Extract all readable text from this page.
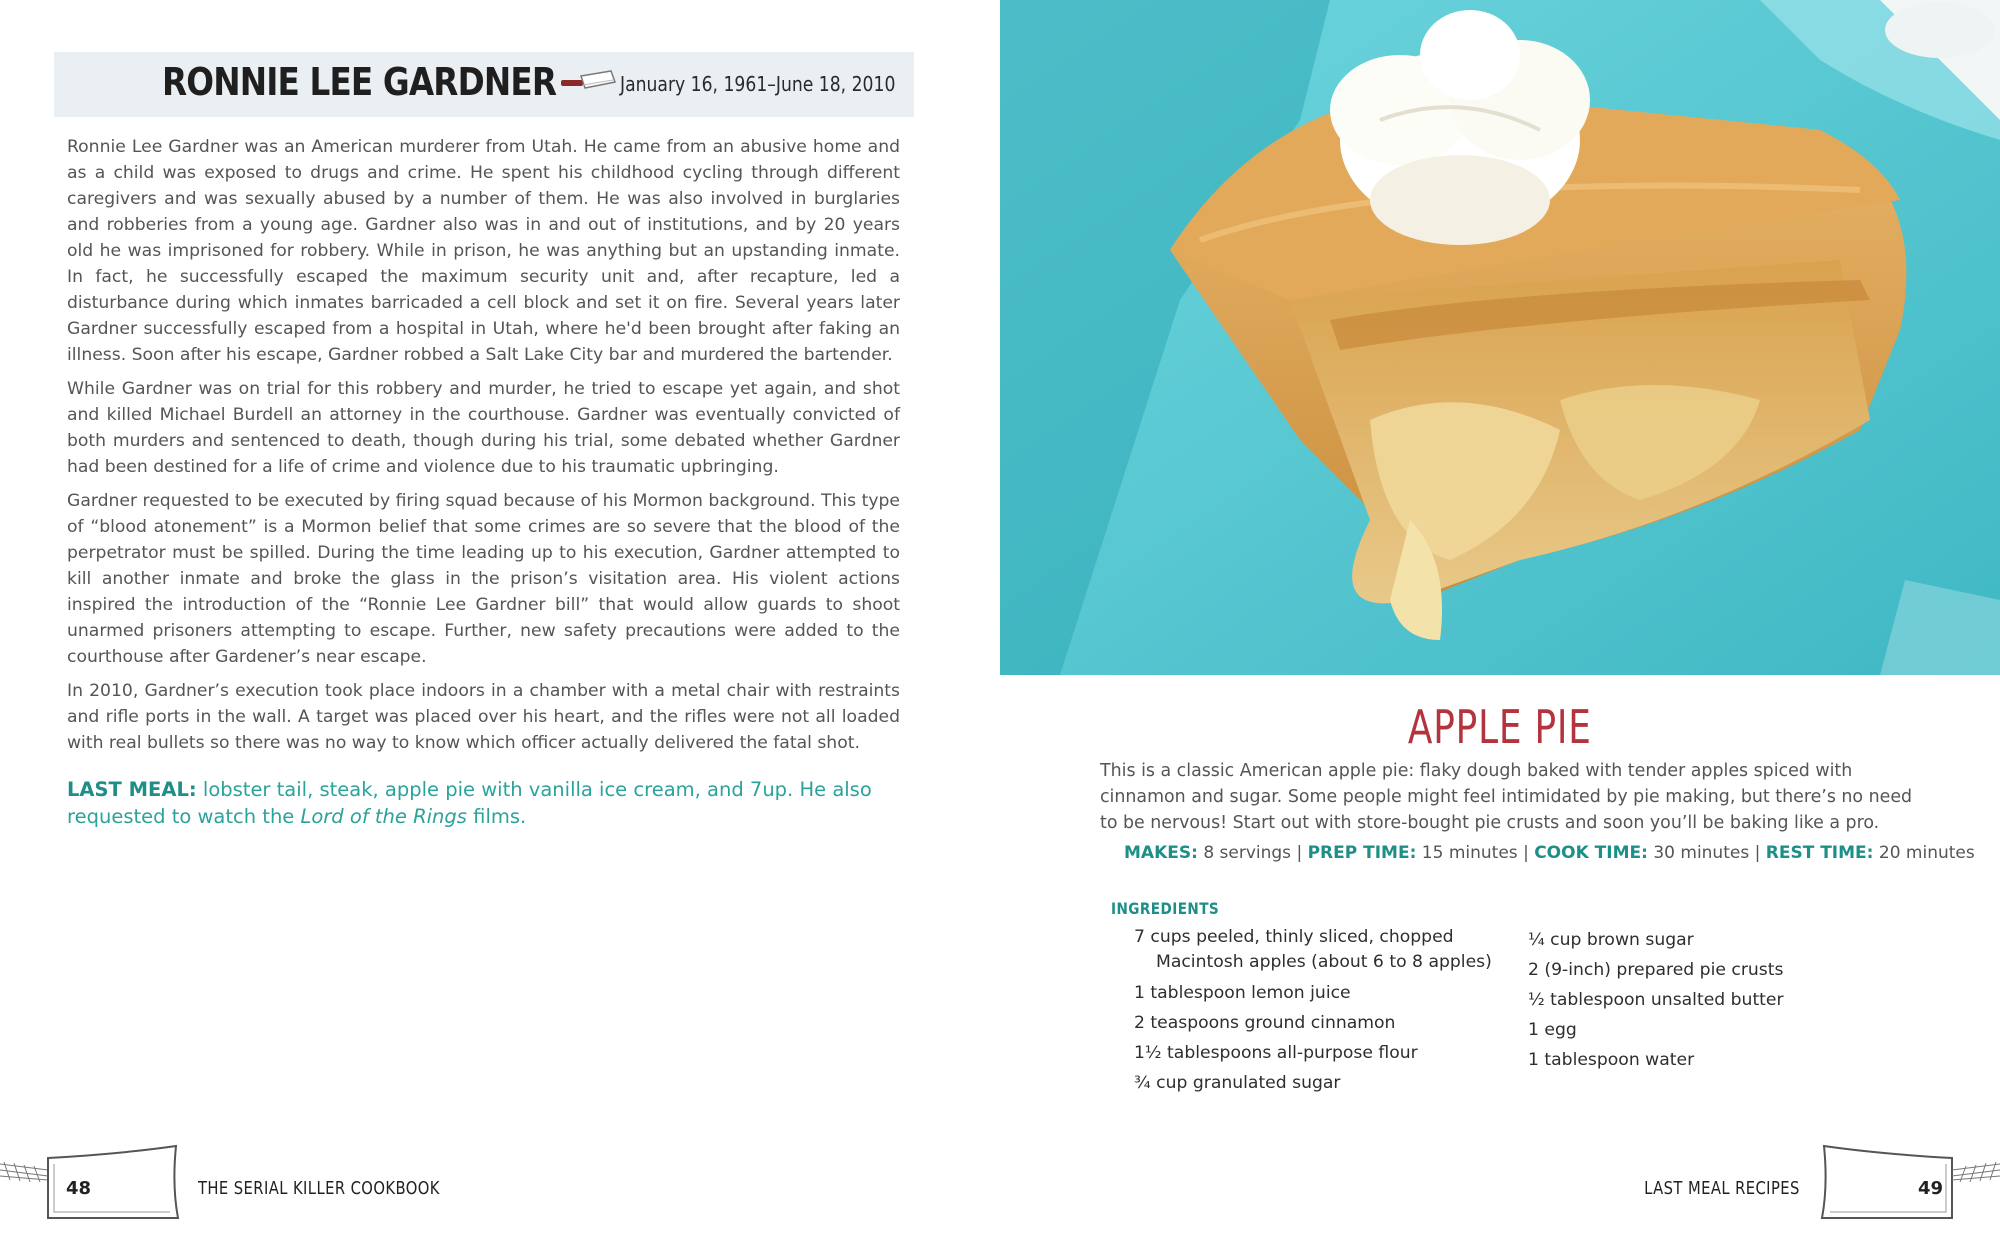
RONNIE LEE GARDNER	January 16, 1961–June 18, 2010

Ronnie Lee Gardner was an American murderer from Utah. He came from an abusive home and as a child was exposed to drugs and crime. He spent his childhood cycling through different caregivers and was sexually abused by a number of them. He was also involved in burglaries and robberies from a young age. Gardner also was in and out of institutions, and by 20 years old he was imprisoned for robbery. While in prison, he was anything but an upstanding inmate. In fact, he successfully escaped the maximum security unit and, after recapture, led a disturbance during which inmates barricaded a cell block and set it on fire. Several years later Gardner successfully escaped from a hospital in Utah, where he'd been brought after faking an illness. Soon after his escape, Gardner robbed a Salt Lake City bar and murdered the bartender.

While Gardner was on trial for this robbery and murder, he tried to escape yet again, and shot and killed Michael Burdell an attorney in the courthouse. Gardner was eventually convicted of both murders and sentenced to death, though during his trial, some debated whether Gardner had been destined for a life of crime and violence due to his traumatic upbringing.

Gardner requested to be executed by firing squad because of his Mormon background. This type of “blood atonement” is a Mormon belief that some crimes are so severe that the blood of the perpetrator must be spilled. During the time leading up to his execution, Gardner attempted to kill another inmate and broke the glass in the prison’s visitation area. His violent actions inspired the introduction of the “Ronnie Lee Gardner bill” that would allow guards to shoot unarmed prisoners attempting to escape. Further, new safety precautions were added to the courthouse after Gardener’s near escape.

In 2010, Gardner’s execution took place indoors in a chamber with a metal chair with restraints and rifle ports in the wall. A target was placed over his heart, and the rifles were not all loaded with real bullets so there was no way to know which officer actually delivered the fatal shot.

LAST MEAL: lobster tail, steak, apple pie with vanilla ice cream, and 7up. He also requested to watch the Lord of the Rings films.

48	THE SERIAL KILLER COOKBOOK
APPLE PIE
This is a classic American apple pie: flaky dough baked with tender apples spiced with cinnamon and sugar. Some people might feel intimidated by pie making, but there’s no need to be nervous! Start out with store-bought pie crusts and soon you’ll be baking like a pro.
MAKES: 8 servings | PREP TIME: 15 minutes | COOK TIME: 30 minutes | REST TIME: 20 minutes
INGREDIENTS
7 cups peeled, thinly sliced, chopped
Macintosh apples (about 6 to 8 apples)
1 tablespoon lemon juice
2 teaspoons ground cinnamon
1½ tablespoons all-purpose flour
¾ cup granulated sugar
¼ cup brown sugar
2 (9-inch) prepared pie crusts
½ tablespoon unsalted butter
1 egg
1 tablespoon water
LAST MEAL RECIPES	49
